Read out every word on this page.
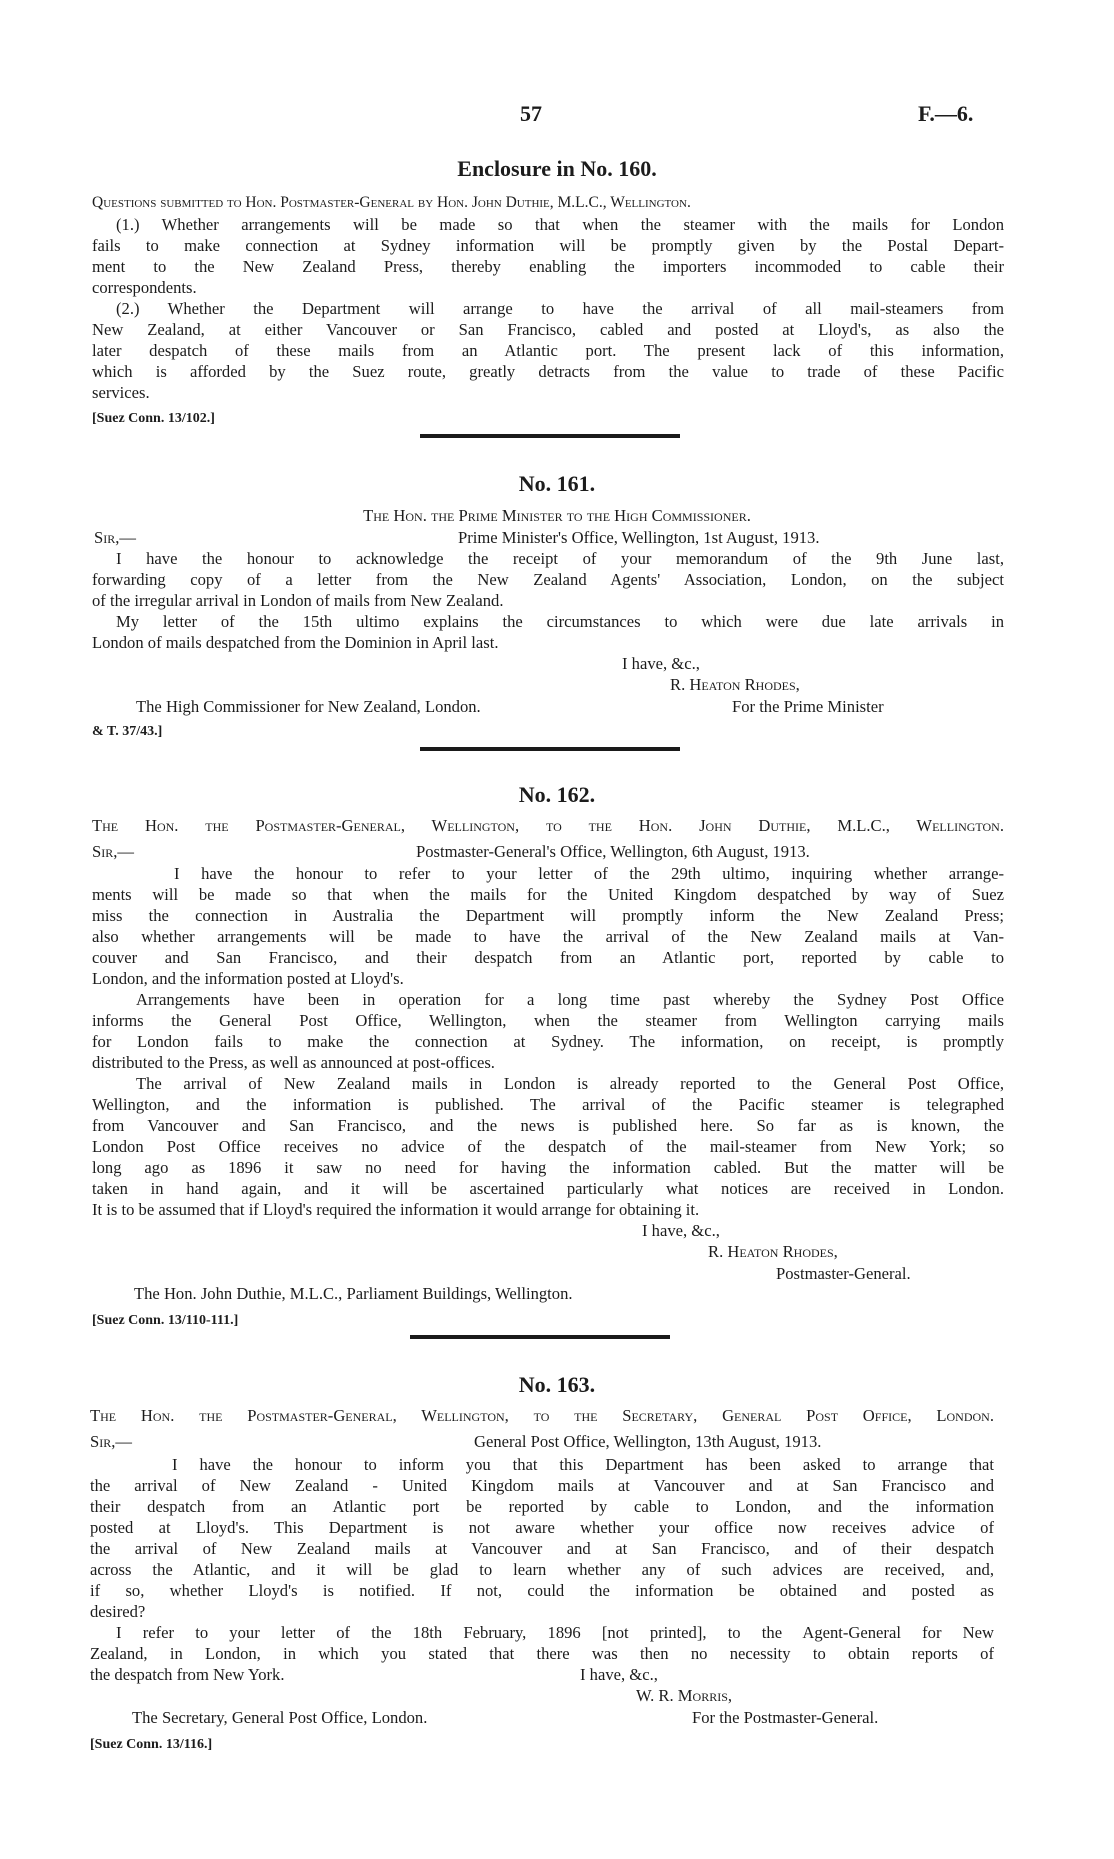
57	F.—6.
Enclosure in No. 160.
Questions submitted to Hon. Postmaster-General by Hon. John Duthie, M.L.C., Wellington.
(1.) Whether arrangements will be made so that when the steamer with the mails for London
fails to make connection at Sydney information will be promptly given by the Postal Depart-
ment to the New Zealand Press, thereby enabling the importers incommoded to cable their
correspondents.
(2.) Whether the Department will arrange to have the arrival of all mail-steamers from
New Zealand, at either Vancouver or San Francisco, cabled and posted at Lloyd's, as also the
later despatch of these mails from an Atlantic port. The present lack of this information,
which is afforded by the Suez route, greatly detracts from the value to trade of these Pacific
services.
[Suez Conn. 13/102.]
No. 161.
The Hon. the Prime Minister to the High Commissioner.
Sir,—	Prime Minister's Office, Wellington, 1st August, 1913.
I have the honour to acknowledge the receipt of your memorandum of the 9th June last,
forwarding copy of a letter from the New Zealand Agents' Association, London, on the subject
of the irregular arrival in London of mails from New Zealand.
My letter of the 15th ultimo explains the circumstances to which were due late arrivals in
London of mails despatched from the Dominion in April last.
I have, &c.,
R. Heaton Rhodes,
The High Commissioner for New Zealand, London.	For the Prime Minister
& T. 37/43.]
No. 162.
The Hon. the Postmaster-General, Wellington, to the Hon. John Duthie, M.L.C., Wellington.
Sir,—	Postmaster-General's Office, Wellington, 6th August, 1913.
I have the honour to refer to your letter of the 29th ultimo, inquiring whether arrange-
ments will be made so that when the mails for the United Kingdom despatched by way of Suez
miss the connection in Australia the Department will promptly inform the New Zealand Press;
also whether arrangements will be made to have the arrival of the New Zealand mails at Van-
couver and San Francisco, and their despatch from an Atlantic port, reported by cable to
London, and the information posted at Lloyd's.
Arrangements have been in operation for a long time past whereby the Sydney Post Office
informs the General Post Office, Wellington, when the steamer from Wellington carrying mails
for London fails to make the connection at Sydney. The information, on receipt, is promptly
distributed to the Press, as well as announced at post-offices.
The arrival of New Zealand mails in London is already reported to the General Post Office,
Wellington, and the information is published. The arrival of the Pacific steamer is telegraphed
from Vancouver and San Francisco, and the news is published here. So far as is known, the
London Post Office receives no advice of the despatch of the mail-steamer from New York; so
long ago as 1896 it saw no need for having the information cabled. But the matter will be
taken in hand again, and it will be ascertained particularly what notices are received in London.
It is to be assumed that if Lloyd's required the information it would arrange for obtaining it.
I have, &c.,
R. Heaton Rhodes,
Postmaster-General.
The Hon. John Duthie, M.L.C., Parliament Buildings, Wellington.
[Suez Conn. 13/110-111.]
No. 163.
The Hon. the Postmaster-General, Wellington, to the Secretary, General Post Office, London.
Sir,—	General Post Office, Wellington, 13th August, 1913.
I have the honour to inform you that this Department has been asked to arrange that
the arrival of New Zealand - United Kingdom mails at Vancouver and at San Francisco and
their despatch from an Atlantic port be reported by cable to London, and the information
posted at Lloyd's. This Department is not aware whether your office now receives advice of
the arrival of New Zealand mails at Vancouver and at San Francisco, and of their despatch
across the Atlantic, and it will be glad to learn whether any of such advices are received, and,
if so, whether Lloyd's is notified. If not, could the information be obtained and posted as
desired?
I refer to your letter of the 18th February, 1896 [not printed], to the Agent-General for New
Zealand, in London, in which you stated that there was then no necessity to obtain reports of
the despatch from New York.	I have, &c.,
W. R. Morris,
The Secretary, General Post Office, London.	For the Postmaster-General.
[Suez Conn. 13/116.]
